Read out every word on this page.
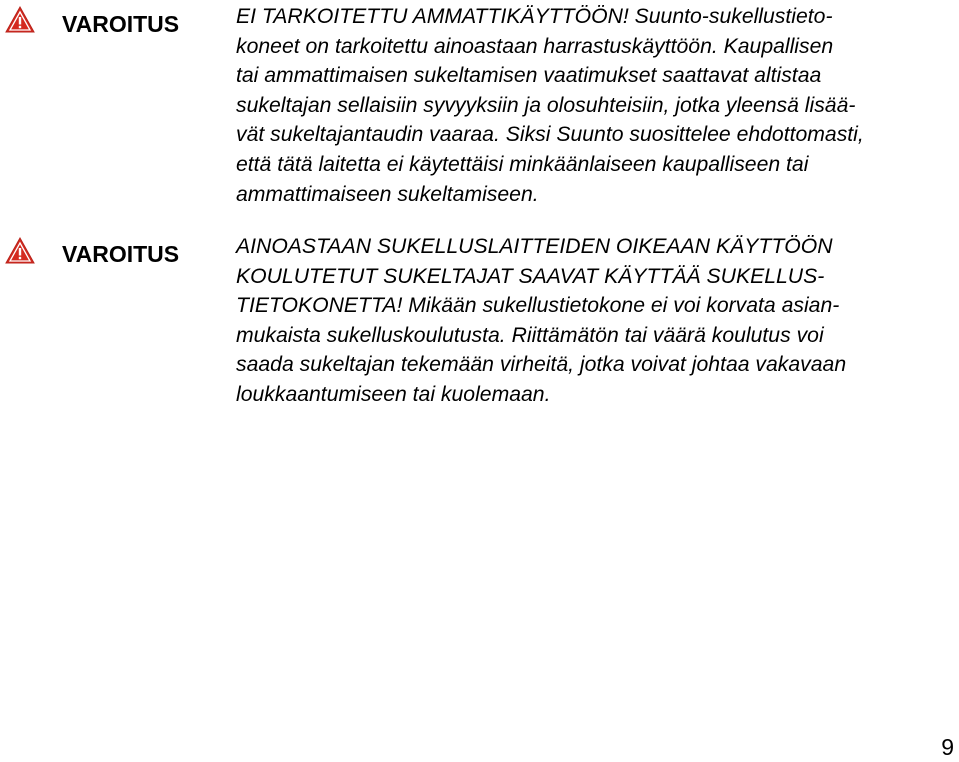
VAROITUS	EI TARKOITETTU AMMATTIKÄYTTÖÖN! Suunto-sukellustieto-
koneet on tarkoitettu ainoastaan harrastuskäyttöön. Kaupallisen
tai ammattimaisen sukeltamisen vaatimukset saattavat altistaa
sukeltajan sellaisiin syvyyksiin ja olosuhteisiin, jotka yleensä lisää-
vät sukeltajantaudin vaaraa. Siksi Suunto suosittelee ehdottomasti,
että tätä laitetta ei käytettäisi minkäänlaiseen kaupalliseen tai
ammattimaiseen sukeltamiseen.

VAROITUS	AINOASTAAN SUKELLUSLAITTEIDEN OIKEAAN KÄYTTÖÖN
KOULUTETUT SUKELTAJAT SAAVAT KÄYTTÄÄ SUKELLUS-
TIETOKONETTA! Mikään sukellustietokone ei voi korvata asian-
mukaista sukelluskoulutusta. Riittämätön tai väärä koulutus voi
saada sukeltajan tekemään virheitä, jotka voivat johtaa vakavaan
loukkaantumiseen tai kuolemaan.

9
